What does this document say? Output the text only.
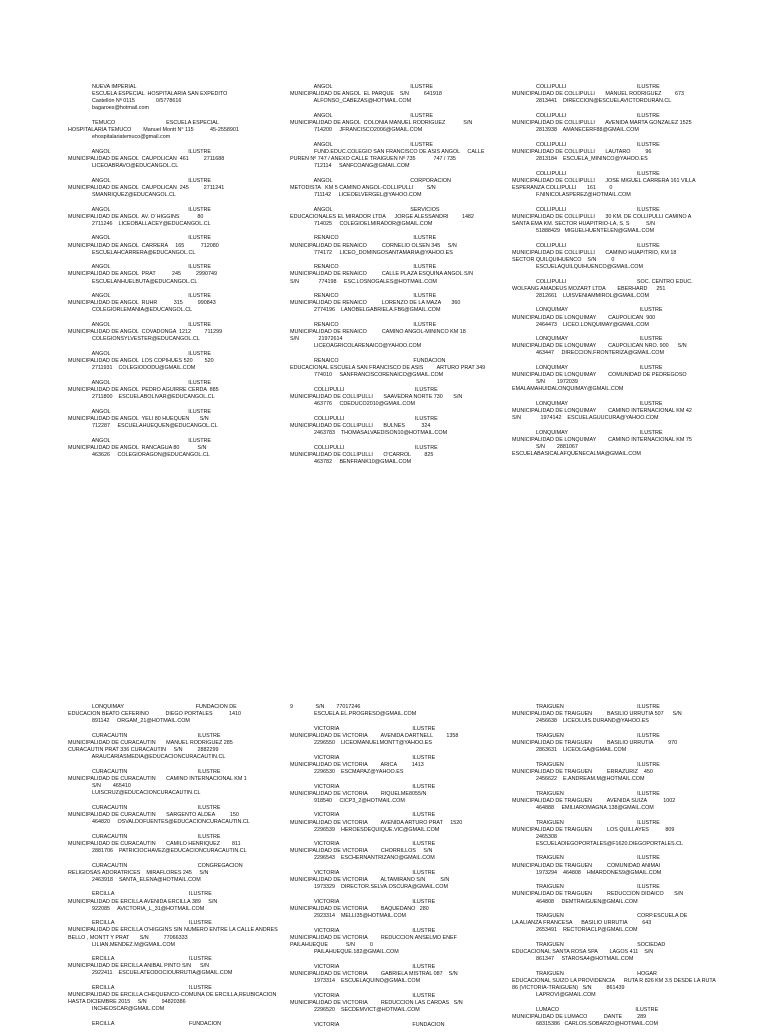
NUEVA IMPERIAL
ESCUELA ESPECIAL  HOSPITALARIA SAN EXPEDITO
Castellón Nº 0115              0/5778616
bagaroes@hotmail.com
TEMUCO                                  ESCUELA ESPECIAL
HOSPITALARIA TEMUCO        Manuel Montt N° 115           45-2558901
ehospitalariatemuco@gmail.com
ANGOL                                                    ILUSTRE
MUNICIPALIDAD DE ANGOL  CAUPOLICAN  461          2711688
LICEOABRAVO@EDUCANGOL.CL
ANGOL                                                    ILUSTRE
MUNICIPALIDAD DE ANGOL  CAUPOLICAN  245          2711241
SMANRIQUEZ@EDUCANGOL.CL
ANGOL                                                    ILUSTRE
MUNICIPALIDAD DE ANGOL  AV. O´HIGGINS            80
2711246    LICEOBALLACEY@EDUCANGOL.CL
ANGOL                                                    ILUSTRE
MUNICIPALIDAD DE ANGOL  CARRERA     165           712080
ESCUELAHCARRERA@EDUCANGOL.CL
ANGOL                                                    ILUSTRE
MUNICIPALIDAD DE ANGOL  PRAT           245          2990749
ESCUELANHUELBUTA@EDUCANGOL.CL
ANGOL                                                    ILUSTRE
MUNICIPALIDAD DE ANGOL  RUHR           315          990843
COLEGIORLEMANIA@EDUCANGOL.CL
ANGOL                                                    ILUSTRE
MUNICIPALIDAD DE ANGOL  COVADONGA  1212         711299
COLEGIONSYLVESTER@EDUCANGOL.CL
ANGOL                                                    ILUSTRE
MUNICIPALIDAD DE ANGOL  LOS COPIHUES 520        520
2711931    COLEGIODODU@GMAIL.COM
ANGOL                                                    ILUSTRE
MUNICIPALIDAD DE ANGOL  PEDRO AGUIRRE CERDA  885
2711800    ESCUELABOLIVAR@EDUCANGOL.CL
ANGOL                                                    ILUSTRE
MUNICIPALIDAD DE ANGOL  YELI 80 HUEQUEN       S/N
712287     ESCUELAHUEQUEN@EDUCANGOL.CL
ANGOL                                                    ILUSTRE
MUNICIPALIDAD DE ANGOL  RANCAGUA 80            S/N
463626     COLEGIORAGON@EDUCANGOL.CL
ANGOL                                                    ILUSTRE
MUNICIPALIDAD DE ANGOL  EL PARQUE    S/N          641918
ALFONSO_CABEZAS@HOTMAIL.COM
ANGOL                                                    ILUSTRE
MUNICIPALIDAD DE ANGOL  COLONIA MANUEL RODRIGUEZ            S/N
714200     JFRANCISCO2006@GMAIL.COM
ANGOL                                                    ILUSTRE
FUND.EDUC.COLEGIO SAN FRANCISCO DE ASIS ANGOL     CALLE
PUREN Nº 747 / ANEXO CALLE TRAIGUEN Nº 735            747 / 735
712114     SANFCOANG@GMAIL.COM
ANGOL                                                    CORPORACION
METODISTA   KM 5 CAMINO ANGOL-COLLIPULLI         S/N
711142     LICEOELVERGEL@YAHOO.COM
ANGOL                                                    SERVICIOS
EDUCACIONALES EL MIRADOR LTDA      JORGE ALESSANDRI         1482
714025     COLEGIOELMIRADOR@GMAIL.COM
RENAICO                                                  ILUSTRE
MUNICIPALIDAD DE RENAICO          CORNELIO OLSEN 345     S/N
774172     LICEO_DOMINGOSANTAMARIA@YAHOO.ES
RENAICO                                                  ILUSTRE
MUNICIPALIDAD DE RENAICO          CALLE PLAZA ESQUINA ANGOL S/N
S/N             774198     ESC.LOSNOGALES@HOTMAIL.COM
RENAICO                                                  ILUSTRE
MUNICIPALIDAD DE RENAICO          LORENZO DE LA MAZA       360
2774196    LANOBELGABRIELA.FB6@GMAIL.COM
RENAICO                                                  ILUSTRE
MUNICIPALIDAD DE RENAICO          CAMINO ANGOL-MININCO KM 18
S/N             21972614
LICEOAGRICOLARENAICO@YAHOO.COM
RENAICO                                                  FUNDACION
EDUCACIONAL ESCUELA SAN FRANCISCO DE ASIS         ARTURO PRAT 349
774010     SANFRANCISCORENAICO@GMAIL.COM
COLLIPULLI                                               ILUSTRE
MUNICIPALIDAD DE COLLIPULLI       SAAVEDRA NORTE 730       S/N
463776     CDEDUCO2010@GMAIL.COM
COLLIPULLI                                               ILUSTRE
MUNICIPALIDAD DE COLLIPULLI       BULNES           324
2463783    THOMASALVAEDISON10@HOTMAIL.COM
COLLIPULLI                                               ILUSTRE
MUNICIPALIDAD DE COLLIPULLI       O'CARROL         825
463782     BENFRANK10@GMAIL.COM
COLLIPULLI                                               ILUSTRE
MUNICIPALIDAD DE COLLIPULLI       MANUEL RODRIGUEZ         673
2813441    DIRECCION@ESCUELAVICTORDURAN.CL
COLLIPULLI                                               ILUSTRE
MUNICIPALIDAD DE COLLIPULLI       AVENIDA MARTA GONZALEZ 1525
2813938    AMANECERF88@GMAIL.COM
COLLIPULLI                                               ILUSTRE
MUNICIPALIDAD DE COLLIPULLI       LAUTARO          96
2813184    ESCUELA_MININCO@YAHOO.ES
COLLIPULLI                                               ILUSTRE
MUNICIPALIDAD DE COLLIPULLI       JOSE MIGUEL CARRERA 161 VILLA
ESPERANZA COLLIPULLI       161         0
F.NINICOLASPEREZ@HOTMAIL.COM
COLLIPULLI                                               ILUSTRE
MUNICIPALIDAD DE COLLIPULLI       30 KM. DE COLLIPULLI CAMINO A
SANTA EMA KM. SECTOR HUAPITRIO-LA, S. S           S/N
51888429   MIGUELHUENTELEN@GMAIL.COM
COLLIPULLI                                               ILUSTRE
MUNICIPALIDAD DE COLLIPULLI       CAMINO HUAPITRIO, KM 18
SECTOR QUILQUIHUENCO    S/N          0
ESCUELAQUILQUIHUENCO@GMAIL.COM
COLLIPULLI                                               SOC. CENTRO EDUC.
WOLFANG AMADEUS MOZART LTDA        EBERHARD      251
2812661    LUISVENIAMMIROL@GMAIL.COM
LONQUIMAY                                                ILUSTRE
MUNICIPALIDAD DE LONQUIMAY        CAUPOLICAN  900
2464473    LICEO.LONQUIMAY@GMAIL.COM
LONQUIMAY                                                ILUSTRE
MUNICIPALIDAD DE LONQUIMAY        CAUPOLICAN NRO. 900      S/N
463447     DIRECCION.FRONTERIZA@GMAIL.COM
LONQUIMAY                                                ILUSTRE
MUNICIPALIDAD DE LONQUIMAY        COMUNIDAD DE PEDREGOSO
S/N        1972039
EMALAMAHUIDALONQUIMAY@GMAIL.COM
LONQUIMAY                                                ILUSTRE
MUNICIPALIDAD DE LONQUIMAY        CAMINO INTERNACIONAL KM 42
S/N             1974142    ESCUELAGUUCURA@YAHOO.COM
LONQUIMAY                                                ILUSTRE
MUNICIPALIDAD DE LONQUIMAY        CAMINO INTERNACIONAL KM 75
S/N        2881067
ESCUELABASICALAFQUENECALMA@GMAIL.COM
LONQUIMAY                                                FUNDACION DE
EDUCACION BEATO CEFERINO           DIEGO PORTALES           1410
891142     ORGAM_21@HOTMAIL.COM
CURACAUTIN                                               ILUSTRE
MUNICIPALIDAD DE CURACAUTIN       MANUEL RODRIGUEZ 285
CURACAUTIN PRAT 336 CURACAUTIN     S/N          2882299
ARAUCARIASMEDIA@EDUCACIONCURACAUTIN.CL
CURACAUTIN                                               ILUSTRE
MUNICIPALIDAD DE CURACAUTIN       CAMINO INTERNACIONAL KM 1
S/N        465410
LUISCRUZ@EDUCACIONCURACAUTIN.CL
CURACAUTIN                                               ILUSTRE
MUNICIPALIDAD DE CURACAUTIN       SARGENTO ALDEA          150
464820     OSVALDOFUENTES@EDUCACIONCURACAUTIN.CL
CURACAUTIN                                               ILUSTRE
MUNICIPALIDAD DE CURACAUTIN       CAMILO HENRIQUEZ        811
2881706    PATRICIOCHAVEZ@EDUCACIONCURACAUTIN.CL
CURACAUTIN                                               CONGREGACION
RELIGIOSAS ADORATRICES    MIRAFLORES 245     S/N
2463918    SANTA_ELENA@HOTMAIL.COM
ERCILLA                                                  ILUSTRE
MUNICIPALIDAD DE ERCILLA AVENIDA ERCILLA 389     S/N
922085     AVICTORIA_L_31@HOTMAIL.COM
ERCILLA                                                  ILUSTRE
MUNICIPALIDAD DE ERCILLA O'HIGGINS SIN NUMERO ENTRE LA CALLE ANDRES
BELLO , MONTT Y PRAT       S/N          77066333
LILIAN.MENDEZ.M@GMAIL.COM
ERCILLA                                                  ILUSTRE
MUNICIPALIDAD DE ERCILLA ANIBAL PINTO S/N      S/N
2922411    ESCUELATEODOCIOURRUTIA@GMAIL.COM
ERCILLA                                                  ILUSTRE
MUNICIPALIDAD DE ERCILLA CHEQUENCO-COMUNA DE ERCILLA,REUBICACION
HASTA DICIEMBRE 2015     S/N          94820386
INCHEOSCAR@GMAIL.COM
ERCILLA                                                  FUNDACION
9               S/N        77017246
ESCUELA.EL.PROGRESO@GMAIL.COM
VICTORIA                                                 ILUSTRE
MUNICIPALIDAD DE VICTORIA         AVENIDA DARTNELL         1358
2296550    LICEOMANUELMONTT@YAHOO.ES
VICTORIA                                                 ILUSTRE
MUNICIPALIDAD DE VICTORIA         ARICA          1413
2296530    ESCMAPAZ@YAHOO.ES
VICTORIA                                                 ILUSTRE
MUNICIPALIDAD DE VICTORIA         RIQUELME8055/N
918540     CICP3_2@HOTMAIL.COM
VICTORIA                                                 ILUSTRE
MUNICIPALIDAD DE VICTORIA         AVENIDA ARTURO PRAT     1520
2296539    HEROESDEQUIQUE.VIC@GMAIL.COM
VICTORIA                                                 ILUSTRE
MUNICIPALIDAD DE VICTORIA         CHORRILLOS     S/N
2296543    ESCHERNANTRIZANO@GMAIL.COM
VICTORIA                                                 ILUSTRE
MUNICIPALIDAD DE VICTORIA         ALTAMIRANO S/N          S/N
1973329    DIRECTOR.SELVA.OSCURA@GMAIL.COM
VICTORIA                                                 ILUSTRE
MUNICIPALIDAD DE VICTORIA         BAQUEDANO   280
2923314    MELLI35@HOTMAIL.COM
VICTORIA                                                 ILUSTRE
MUNICIPALIDAD DE VICTORIA         REDUCCION ANSELMO ENEF
PAILAHUEQUE            S/N          0
PAILAHUEQUE.182@GMAIL.COM
VICTORIA                                                 ILUSTRE
MUNICIPALIDAD DE VICTORIA         GABRIELA MISTRAL 087    S/N
1973314    ESCUELAQUINO@GMAIL.COM
VICTORIA                                                 ILUSTRE
MUNICIPALIDAD DE VICTORIA         REDUCCION LAS CARDAS   S/N
2296520    SECDEMVICT@HOTMAIL.COM
VICTORIA                                                 FUNDACION
TRAIGUÉN                                                 ILUSTRE
MUNICIPALIDAD DE TRAIGUEN          BASILIO URRUTIA 507      S/N
2456638    LICEOLUIS.DURAND@YAHOO.ES
TRAIGUÉN                                                 ILUSTRE
MUNICIPALIDAD DE TRAIGUEN          BASILIO URRUTIA          970
2863631    LICEOLGA@GMAIL.COM
TRAIGUÉN                                                 ILUSTRE
MUNICIPALIDAD DE TRAIGUEN          ERRÁZURIZ    450
2456622    E.ANDREAM.M@HOTMAIL.COM
TRAIGUÉN                                                 ILUSTRE
MUNICIPALIDAD DE TRAIGUEN          AVENIDA SUIZA           1002
464888     EMILIAROMAGNA.138@GMAIL.COM
TRAIGUÉN                                                 ILUSTRE
MUNICIPALIDAD DE TRAIGUEN          LOS QUILLAYES           809
2465308
ESCUELADIEGOPORTALES@F1620.DIEGOPORTALES.CL
TRAIGUÉN                                                 ILUSTRE
MUNICIPALIDAD DE TRAIGUEN          COMUNIDAD ANIMAI
1973294    464808    HMARDONES9@GMAIL.COM
TRAIGUÉN                                                 ILUSTRE
MUNICIPALIDAD DE TRAIGUEN          REDUCCION DIDAICO       S/N
464808     DEMTRAIGUEN@GMAIL.COM
TRAIGUÉN                                                 CORP.ESCUELA DE
LA ALIANZA FRANCESA      BASILIO URRUTIA          643
2653491    RECTORIACLP@GMAIL.COM
TRAIGUÉN                                                 SOCIEDAD
EDUCACIONAL SANTA ROSA SPA        LAGOS 411    S/N
861347     STAROSA4@HOTMAIL.COM
TRAIGUÉN                                                 HOGAR
EDUCACIONAL SUIZO LA PROVIDENCIA      RUTA R 826 KM 3.5 DESDE LA RUTA
86 (VICTORIA-TRAIGUEN)   S/N          861439
LAPROVI@GMAIL.COM
LUMACO                                                   ILUSTRE
MUNICIPALIDAD DE LUMACO           DANTE          289
68315386   CARLOS.SOBARZO@HOTMAIL.COM
